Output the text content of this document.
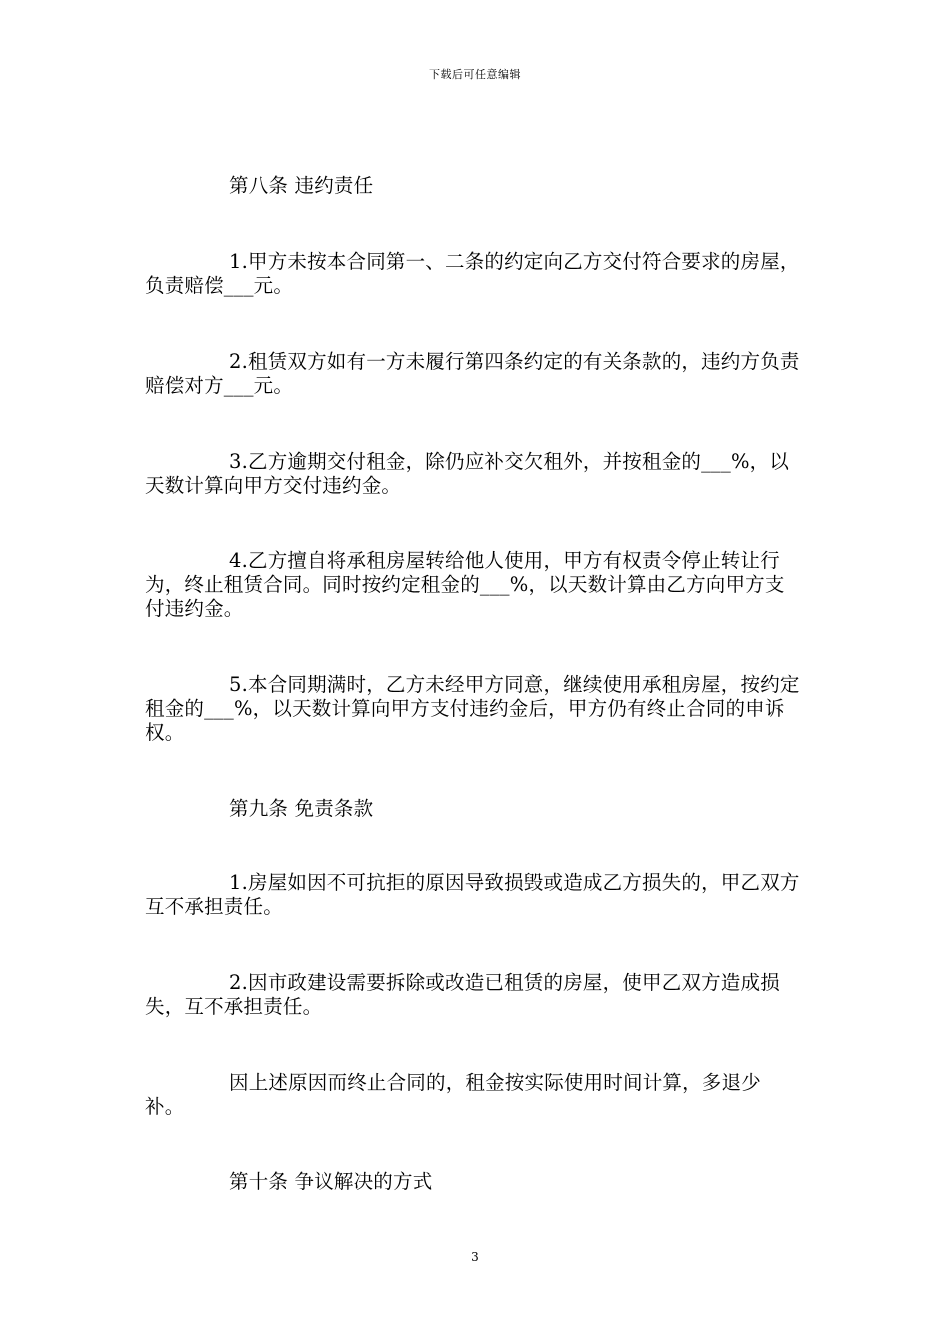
下载后可任意编辑

第八条 违约责任

1.甲方未按本合同第一、二条的约定向乙方交付符合要求的房屋，负责赔偿___元。

2.租赁双方如有一方未履行第四条约定的有关条款的，违约方负责赔偿对方___元。

3.乙方逾期交付租金，除仍应补交欠租外，并按租金的___%，以天数计算向甲方交付违约金。

4.乙方擅自将承租房屋转给他人使用，甲方有权责令停止转让行为，终止租赁合同。同时按约定租金的___%，以天数计算由乙方向甲方支付违约金。

5.本合同期满时，乙方未经甲方同意，继续使用承租房屋，按约定租金的___%，以天数计算向甲方支付违约金后，甲方仍有终止合同的申诉权。

第九条 免责条款

1.房屋如因不可抗拒的原因导致损毁或造成乙方损失的，甲乙双方互不承担责任。

2.因市政建设需要拆除或改造已租赁的房屋，使甲乙双方造成损失，互不承担责任。

因上述原因而终止合同的，租金按实际使用时间计算，多退少补。

第十条 争议解决的方式

3
